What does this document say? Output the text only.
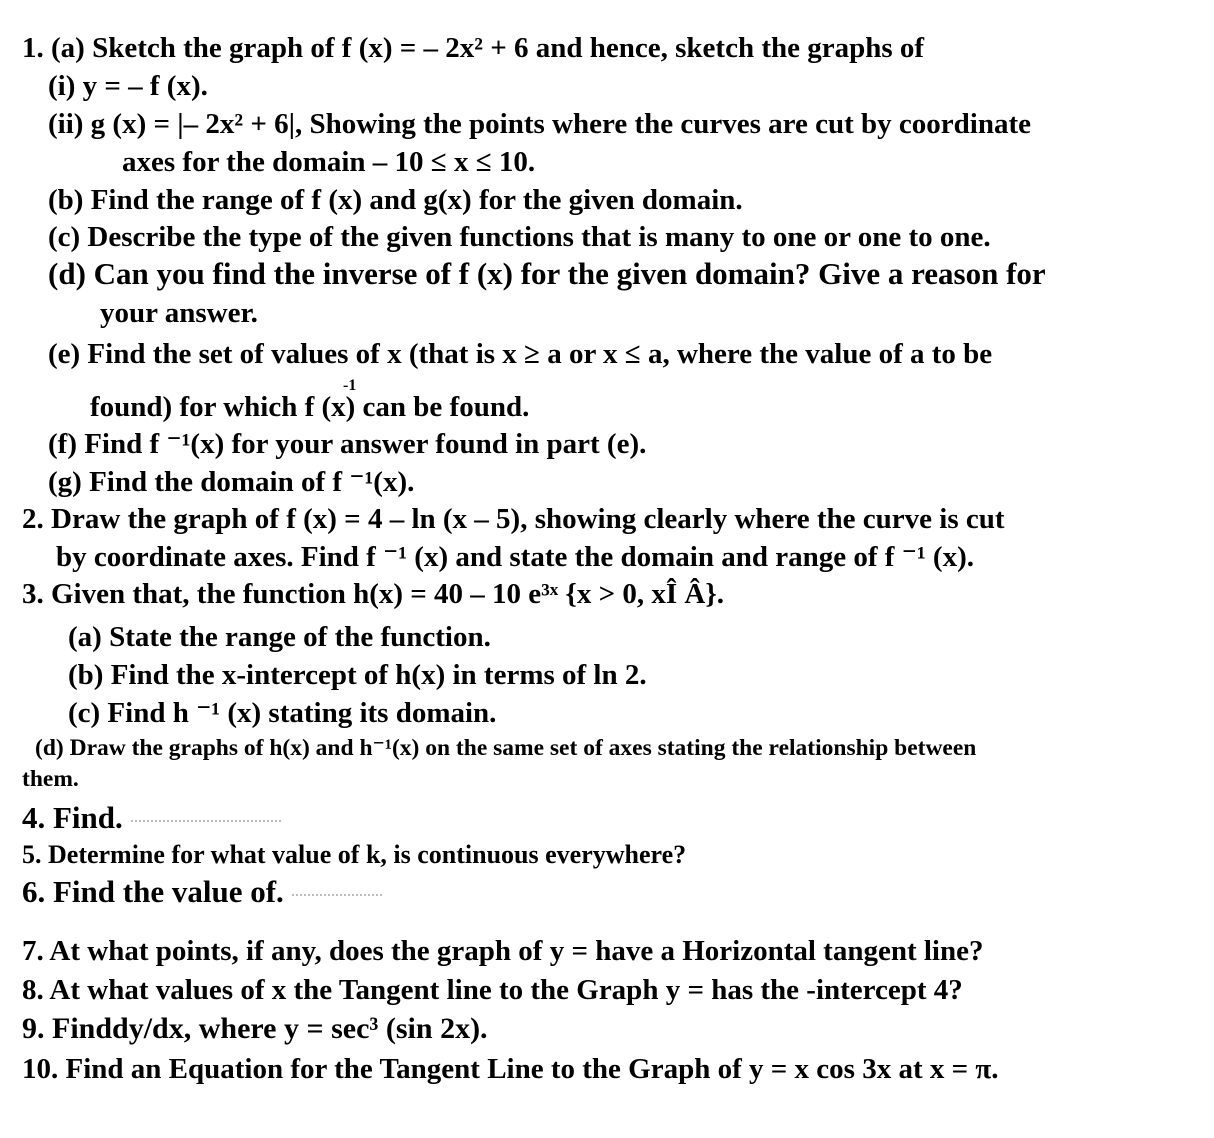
1. (a) Sketch the graph of f (x) = – 2x² + 6 and hence, sketch the graphs of
(i) y = – f (x).
(ii) g (x) = |– 2x² + 6|, Showing the points where the curves are cut by coordinate
axes for the domain – 10 ≤ x ≤ 10.
(b) Find the range of f (x) and g(x) for the given domain.
(c) Describe the type of the given functions that is many to one or one to one.
(d) Can you find the inverse of f (x) for the given domain? Give a reason for
your answer.
(e) Find the set of values of x (that is x ≥ a or x ≤ a, where the value of a to be
found) for which f (x) can be found.
-1
(f) Find f ⁻¹(x) for your answer found in part (e).
(g) Find the domain of f ⁻¹(x).
2. Draw the graph of f (x) = 4 – ln (x – 5), showing clearly where the curve is cut
by coordinate axes. Find f ⁻¹ (x) and state the domain and range of f ⁻¹ (x).
3. Given that, the function h(x) = 40 – 10 e³ˣ {x > 0, xÎ Â}.
(a) State the range of the function.
(b) Find the x-intercept of h(x) in terms of ln 2.
(c) Find h ⁻¹ (x) stating its domain.
(d) Draw the graphs of h(x) and h⁻¹(x) on the same set of axes stating the relationship between
them.
4. Find.
5. Determine for what value of k, is continuous everywhere?
6. Find the value of.
7. At what points, if any, does the graph of y = have a Horizontal tangent line?
8. At what values of x the Tangent line to the Graph y = has the -intercept 4?
9. Finddy/dx, where y = sec³ (sin 2x).
10. Find an Equation for the Tangent Line to the Graph of y = x cos 3x at x = π.
